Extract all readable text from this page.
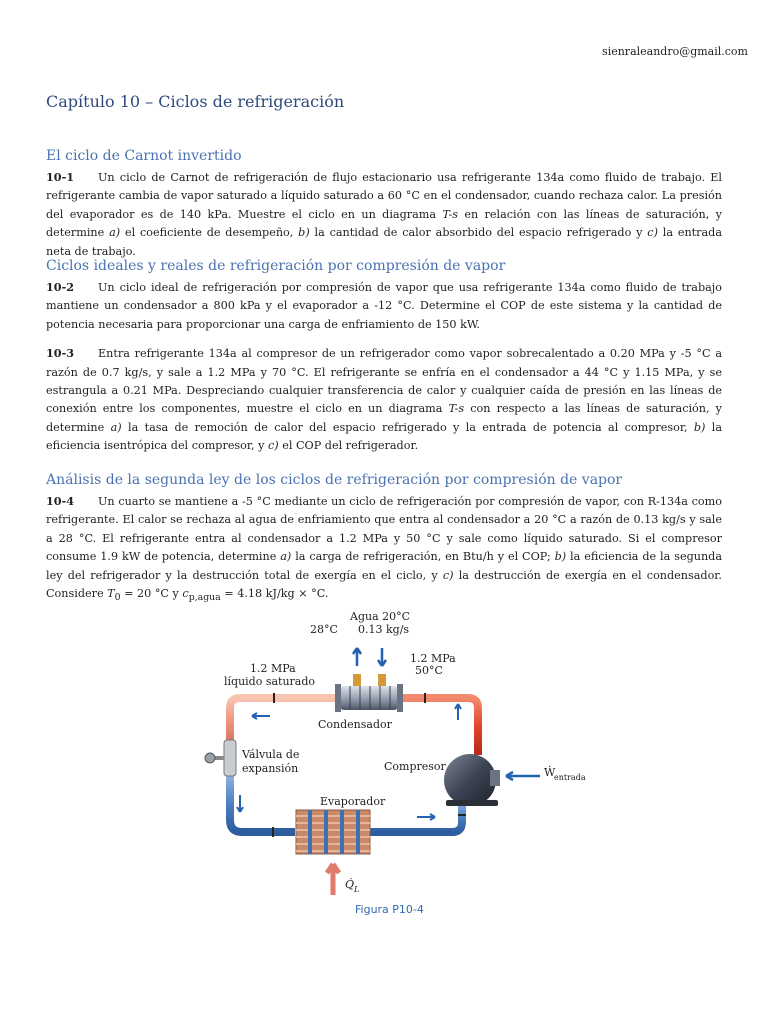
sienraleandro@gmail.com
Capítulo 10 – Ciclos de refrigeración
El ciclo de Carnot invertido

10-1 Un ciclo de Carnot de refrigeración de flujo estacionario usa refrigerante 134a como fluido de trabajo. El refrigerante cambia de vapor saturado a líquido saturado a 60 °C en el condensador, cuando rechaza calor. La presión del evaporador es de 140 kPa. Muestre el ciclo en un diagrama T-s en relación con las líneas de saturación, y determine a) el coeficiente de desempeño, b) la cantidad de calor absorbido del espacio refrigerado y c) la entrada neta de trabajo.

Ciclos ideales y reales de refrigeración por compresión de vapor

10-2 Un ciclo ideal de refrigeración por compresión de vapor que usa refrigerante 134a como fluido de trabajo mantiene un condensador a 800 kPa y el evaporador a -12 °C. Determine el COP de este sistema y la cantidad de potencia necesaria para proporcionar una carga de enfriamiento de 150 kW.

10-3 Entra refrigerante 134a al compresor de un refrigerador como vapor sobrecalentado a 0.20 MPa y -5 °C a razón de 0.7 kg/s, y sale a 1.2 MPa y 70 °C. El refrigerante se enfría en el condensador a 44 °C y 1.15 MPa, y se estrangula a 0.21 MPa. Despreciando cualquier transferencia de calor y cualquier caída de presión en las líneas de conexión entre los componentes, muestre el ciclo en un diagrama T-s con respecto a las líneas de saturación, y determine a) la tasa de remoción de calor del espacio refrigerado y la entrada de potencia al compresor, b) la eficiencia isentrópica del compresor, y c) el COP del refrigerador.

Análisis de la segunda ley de los ciclos de refrigeración por compresión de vapor

10-4 Un cuarto se mantiene a -5 °C mediante un ciclo de refrigeración por compresión de vapor, con R-134a como refrigerante. El calor se rechaza al agua de enfriamiento que entra al condensador a 20 °C a razón de 0.13 kg/s y sale a 28 °C. El refrigerante entra al condensador a 1.2 MPa y 50 °C y sale como líquido saturado. Si el compresor consume 1.9 kW de potencia, determine a) la carga de refrigeración, en Btu/h y el COP; b) la eficiencia de la segunda ley del refrigerador y la destrucción total de exergía en el ciclo, y c) la destrucción de exergía en el condensador. Considere $T_0 = 20$ °C y $c_{p,agua} = 4.18$ kJ/kg × °C.

Agua 20°C
0.13 kg/s
28°C
1.2 MPa
50°C
1.2 MPa
líquido saturado
Condensador
Válvula de
expansión	Compresor	Ẇ
entrada
Evaporador
Q̇ L
Figura P10-4
